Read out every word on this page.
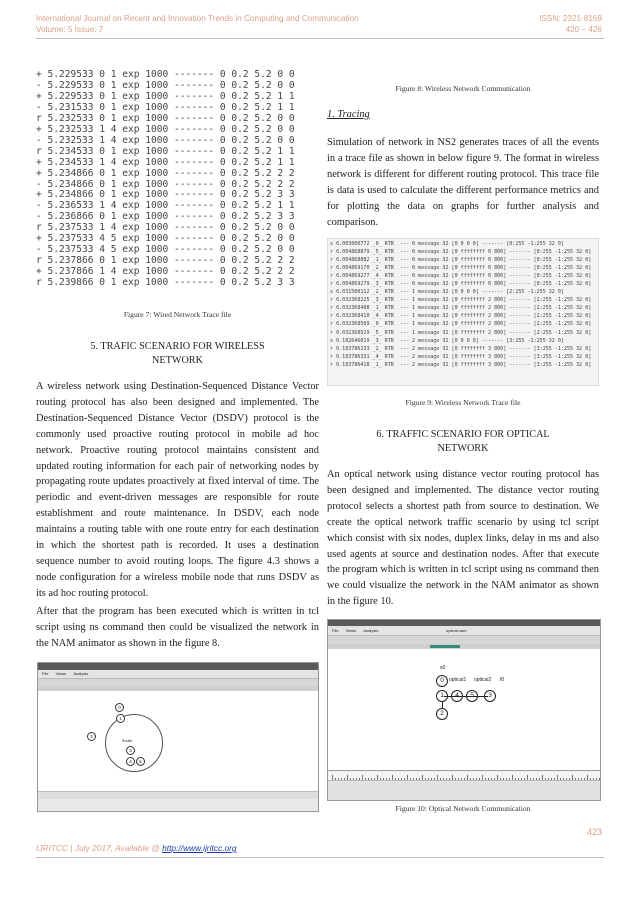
International Journal on Recent and Innovation Trends in Computing and Communication	ISSN: 2321-8169
Volume: 5 Issue: 7	420 – 426
+ 5.229533 0 1 exp 1000 ------- 0 0.2 5.2 0 0
- 5.229533 0 1 exp 1000 ------- 0 0.2 5.2 0 0
+ 5.229533 0 1 exp 1000 ------- 0 0.2 5.2 1 1
- 5.231533 0 1 exp 1000 ------- 0 0.2 5.2 1 1
r 5.232533 0 1 exp 1000 ------- 0 0.2 5.2 0 0
+ 5.232533 1 4 exp 1000 ------- 0 0.2 5.2 0 0
- 5.232533 1 4 exp 1000 ------- 0 0.2 5.2 0 0
r 5.234533 0 1 exp 1000 ------- 0 0.2 5.2 1 1
+ 5.234533 1 4 exp 1000 ------- 0 0.2 5.2 1 1
+ 5.234866 0 1 exp 1000 ------- 0 0.2 5.2 2 2
- 5.234866 0 1 exp 1000 ------- 0 0.2 5.2 2 2
+ 5.234866 0 1 exp 1000 ------- 0 0.2 5.2 3 3
- 5.236533 1 4 exp 1000 ------- 0 0.2 5.2 1 1
- 5.236866 0 1 exp 1000 ------- 0 0.2 5.2 3 3
r 5.237533 1 4 exp 1000 ------- 0 0.2 5.2 0 0
+ 5.237533 4 5 exp 1000 ------- 0 0.2 5.2 0 0
- 5.237533 4 5 exp 1000 ------- 0 0.2 5.2 0 0
r 5.237866 0 1 exp 1000 ------- 0 0.2 5.2 2 2
+ 5.237866 1 4 exp 1000 ------- 0 0.2 5.2 2 2
r 5.239866 0 1 exp 1000 ------- 0 0.2 5.2 3 3
Figure 7: Wired Network Trace file
5. TRAFIC SCENARIO FOR WIRELESS
NETWORK
A wireless network using Destination-Sequenced Distance Vector routing protocol has also been designed and implemented. The Destination-Sequenced Distance Vector (DSDV) protocol is the commonly used proactive routing protocol in mobile ad hoc network. Proactive routing protocol maintains consistent and updated routing information for each pair of networking nodes by propagating route updates proactively at fixed interval of time. The periodic and event-driven messages are responsible for route establishment and route maintenance. In DSDV, each node maintains a routing table with one route entry for each destination in which the shortest path is recorded. It uses a destination sequence number to avoid routing loops. The figure 4.3 shows a node configuration for a wireless mobile node that runs DSDV as its ad hoc routing protocol.
After that the program has been executed which is written in tcl script using ns command then could be visualized the network in the NAM animator as shown in the figure 8.
File Views Analysis
0
1
2
Router
3
4	5
Figure 8: Wireless Network Communication
1. Tracing
Simulation of network in NS2 generates traces of all the events in a trace file as shown in below figure 9. The format in wireless network is different for different routing protocol. This trace file is data is used to calculate the different performance metrics and for plotting the data on graphs for further analysis and comparison.
s 0.003000772 _0_ RTR  --- 0 message 32 [0 0 0 0] ------- [0:255 -1:255 32 0]
r 0.004868879 _5_ RTR  --- 0 message 32 [0 ffffffff 0 800] ------- [0:255 -1:255 32 0]
r 0.004868882 _1_ RTR  --- 0 message 32 [0 ffffffff 0 800] ------- [0:255 -1:255 32 0]
r 0.004869170 _2_ RTR  --- 0 message 32 [0 ffffffff 0 800] ------- [0:255 -1:255 32 0]
r 0.004869277 _4_ RTR  --- 0 message 32 [0 ffffffff 0 800] ------- [0:255 -1:255 32 0]
r 0.004869279 _3_ RTR  --- 0 message 32 [0 ffffffff 0 800] ------- [0:255 -1:255 32 0]
s 0.031500112 _2_ RTR  --- 1 message 32 [0 0 0 0] ------- [2:255 -1:255 32 0]
r 0.032368225 _3_ RTR  --- 1 message 32 [0 ffffffff 2 800] ------- [2:255 -1:255 32 0]
r 0.032368408 _1_ RTR  --- 1 message 32 [0 ffffffff 2 800] ------- [2:255 -1:255 32 0]
r 0.032368410 _4_ RTR  --- 1 message 32 [0 ffffffff 2 800] ------- [2:255 -1:255 32 0]
r 0.032368509 _0_ RTR  --- 1 message 32 [0 ffffffff 2 800] ------- [2:255 -1:255 32 0]
r 0.032368529 _5_ RTR  --- 1 message 32 [0 ffffffff 2 800] ------- [2:255 -1:255 32 0]
s 0.182646019 _3_ RTR  --- 2 message 32 [0 0 0 0] ------- [3:255 -1:255 32 0]
r 0.183786133 _2_ RTR  --- 2 message 32 [0 ffffffff 3 800] ------- [3:255 -1:255 32 0]
r 0.183786331 _4_ RTR  --- 2 message 32 [0 ffffffff 3 800] ------- [3:255 -1:255 32 0]
r 0.183786418 _1_ RTR  --- 2 message 32 [0 ffffffff 3 800] ------- [3:255 -1:255 32 0]
Figure 9: Wireless Network Trace file
6. TRAFFIC SCENARIO FOR OPTICAL
NETWORK
An optical network using distance vector routing protocol has been designed and implemented. The distance vector routing protocol selects a shortest path from source to destination. We create the optical network traffic scenario by using tcl script which consist with six nodes, duplex links, delay in ms and also used agents at source and destination nodes. After that execute the program which is written in tcl script using ns command then we could visualize the network in the NAM animator as shown in the figure 10.
File Views Analysis	optical.nam
s0
0	optical1 optical2 f0
1	4	5	3
2
Figure 10: Optical Network Communication
423
IJRITCC | July 2017, Available @ http://www.ijritcc.org
